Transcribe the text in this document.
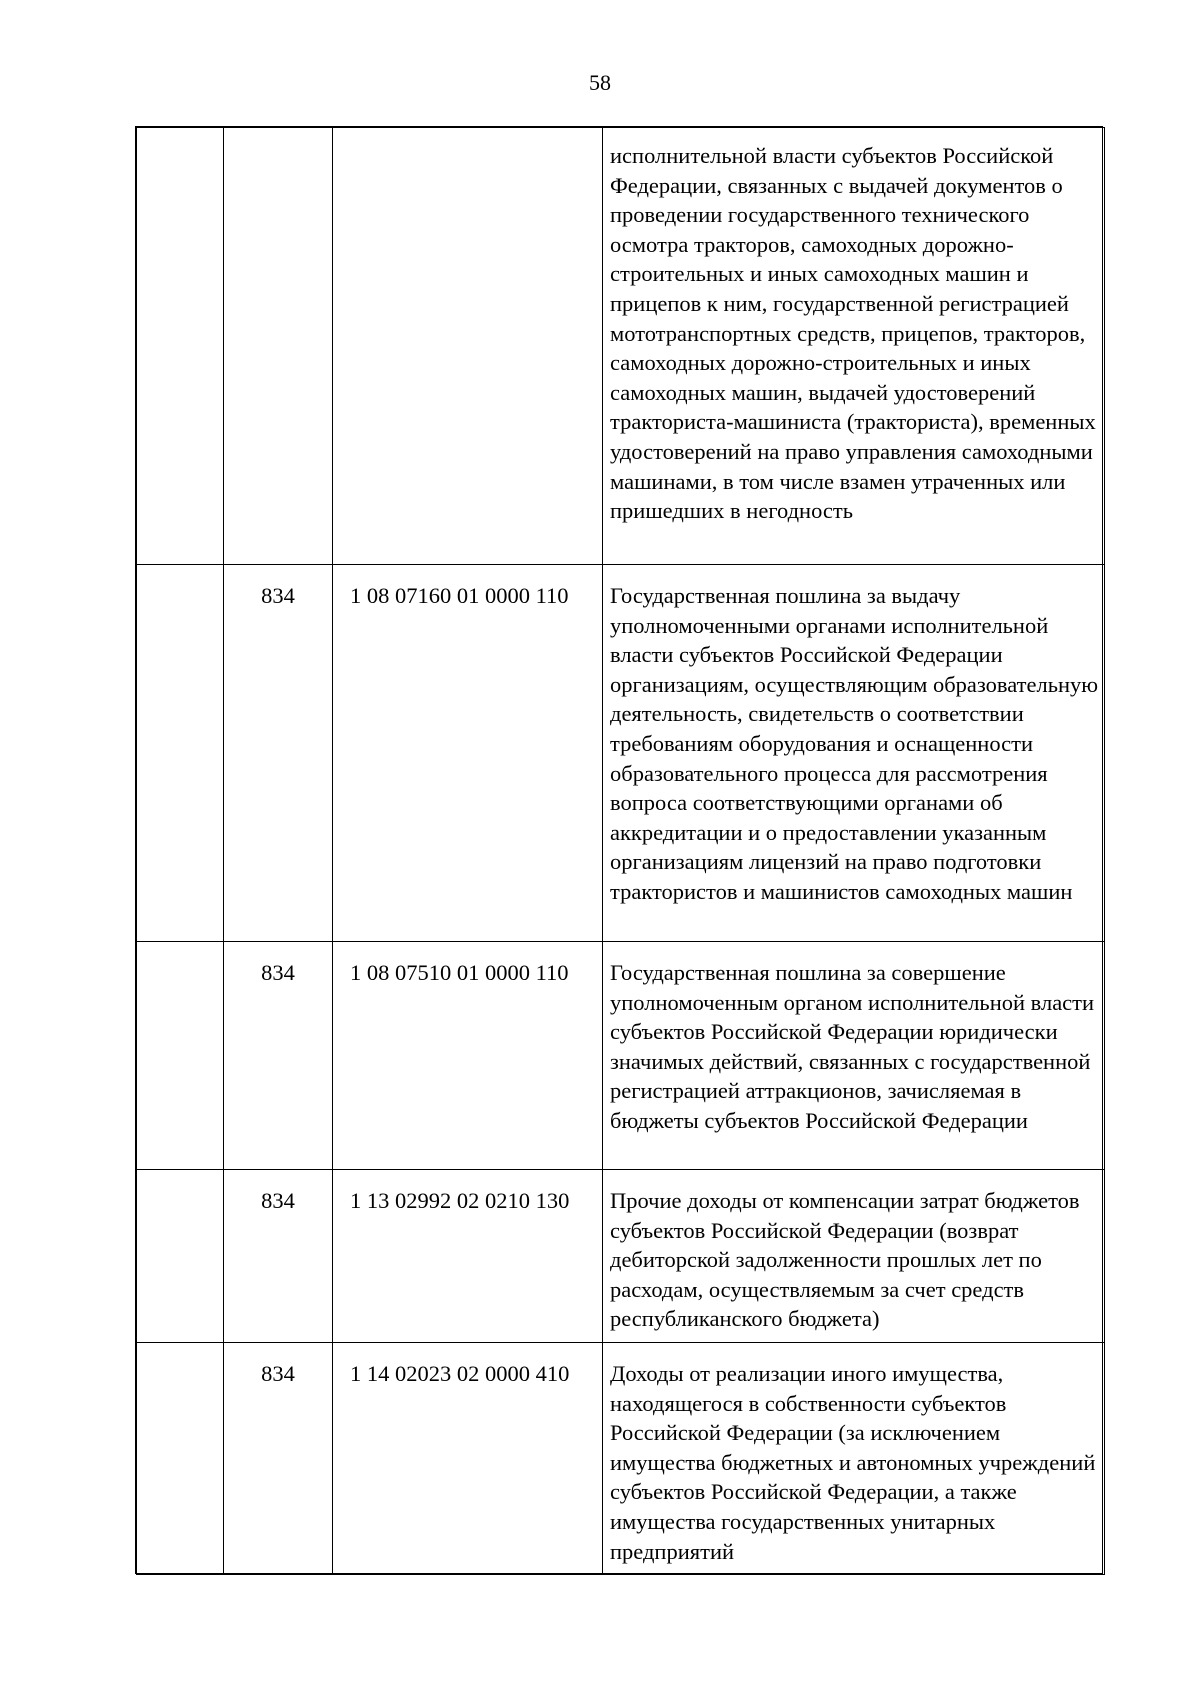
58

			исполнительной власти субъектов Российской Федерации, связанных с выдачей документов о проведении государственного технического осмотра тракторов, самоходных дорожно-строительных и иных самоходных машин и прицепов к ним, государственной регистрацией мототранспортных средств, прицепов, тракторов, самоходных дорожно-строительных и иных самоходных машин, выдачей удостоверений тракториста-машиниста (тракториста), временных удостоверений на право управления самоходными машинами, в том числе взамен утраченных или пришедших в негодность

	834	1 08 07160 01 0000 110	Государственная пошлина за выдачу уполномоченными органами исполнительной власти субъектов Российской Федерации организациям, осуществляющим образовательную деятельность, свидетельств о соответствии требованиям оборудования и оснащенности образовательного процесса для рассмотрения вопроса соответствующими органами об аккредитации и о предоставлении указанным организациям лицензий на право подготовки трактористов и машинистов самоходных машин

	834	1 08 07510 01 0000 110	Государственная пошлина за совершение уполномоченным органом исполнительной власти субъектов Российской Федерации юридически значимых действий, связанных с государственной регистрацией аттракционов, зачисляемая в бюджеты субъектов Российской Федерации

	834	1 13 02992 02 0210 130	Прочие доходы от компенсации затрат бюджетов субъектов Российской Федерации (возврат дебиторской задолженности прошлых лет по расходам, осуществляемым за счет средств республиканского бюджета)

	834	1 14 02023 02 0000 410	Доходы от реализации иного имущества, находящегося в собственности субъектов Российской Федерации (за исключением имущества бюджетных и автономных учреждений субъектов Российской Федерации, а также имущества государственных унитарных предприятий
